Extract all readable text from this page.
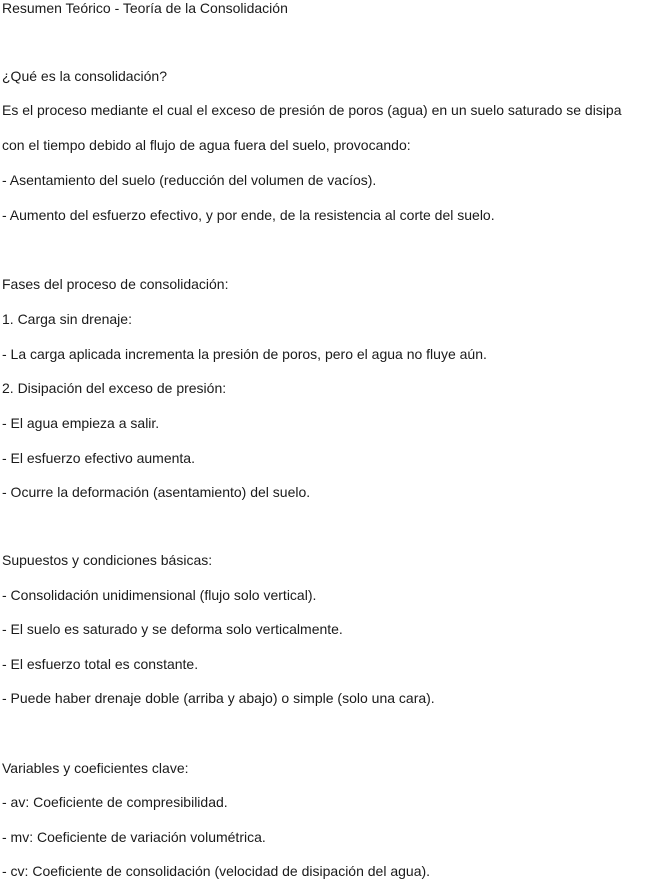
Resumen Teórico - Teoría de la Consolidación
¿Qué es la consolidación?
Es el proceso mediante el cual el exceso de presión de poros (agua) en un suelo saturado se disipa
con el tiempo debido al flujo de agua fuera del suelo, provocando:
- Asentamiento del suelo (reducción del volumen de vacíos).
- Aumento del esfuerzo efectivo, y por ende, de la resistencia al corte del suelo.
Fases del proceso de consolidación:
1. Carga sin drenaje:
- La carga aplicada incrementa la presión de poros, pero el agua no fluye aún.
2. Disipación del exceso de presión:
- El agua empieza a salir.
- El esfuerzo efectivo aumenta.
- Ocurre la deformación (asentamiento) del suelo.
Supuestos y condiciones básicas:
- Consolidación unidimensional (flujo solo vertical).
- El suelo es saturado y se deforma solo verticalmente.
- El esfuerzo total es constante.
- Puede haber drenaje doble (arriba y abajo) o simple (solo una cara).
Variables y coeficientes clave:
- av: Coeficiente de compresibilidad.
- mv: Coeficiente de variación volumétrica.
- cv: Coeficiente de consolidación (velocidad de disipación del agua).
